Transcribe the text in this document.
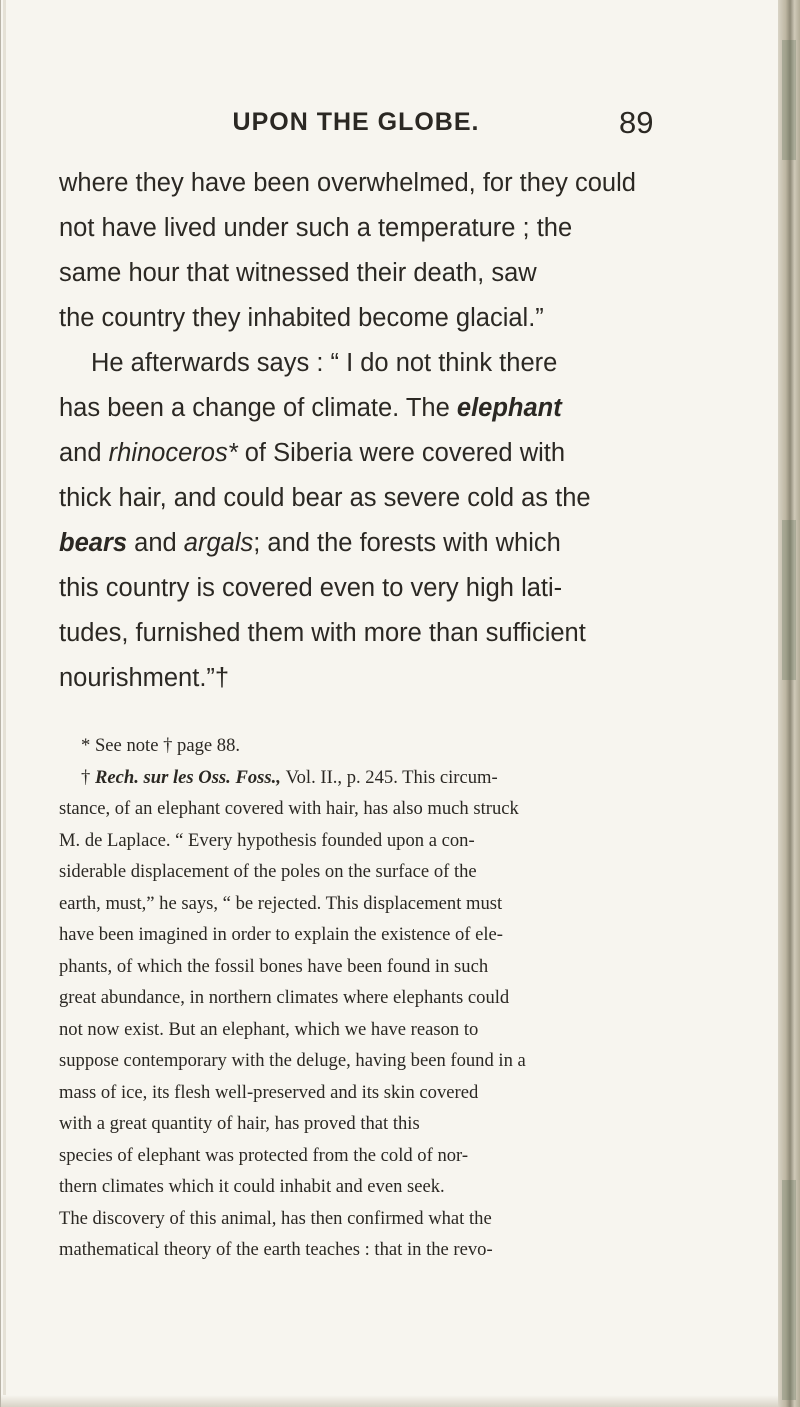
UPON THE GLOBE.	89
where they have been overwhelmed, for they could
not have lived under such a temperature ; the
same hour that witnessed their death, saw
the country they inhabited become glacial.”
He afterwards says : “ I do not think there
has been a change of climate. The
elephant
and
rhinoceros*
of Siberia were covered with
thick hair, and could bear as severe cold as the
bears
and
argals ; and the forests with which
this country is covered even to very high lati-
tudes, furnished them with more than sufficient
nourishment.”†
* See note † page 88.
†
Rech. sur les Oss. Foss.,
Vol. II., p. 245. This circum-
stance, of an elephant covered with hair, has also much struck
M. de Laplace. “ Every hypothesis founded upon a con-
siderable displacement of the poles on the surface of the
earth, must,” he says, “ be rejected. This displacement must
have been imagined in order to explain the existence of ele-
phants, of which the fossil bones have been found in such
great abundance, in northern climates where elephants could
not now exist. But an elephant, which we have reason to
suppose contemporary with the deluge, having been found in a
mass of ice, its flesh well-preserved and its skin covered
with a great quantity of hair, has proved that this
species of elephant was protected from the cold of nor-
thern climates which it could inhabit and even seek.
The discovery of this animal, has then confirmed what the
mathematical theory of the earth teaches : that in the revo-
